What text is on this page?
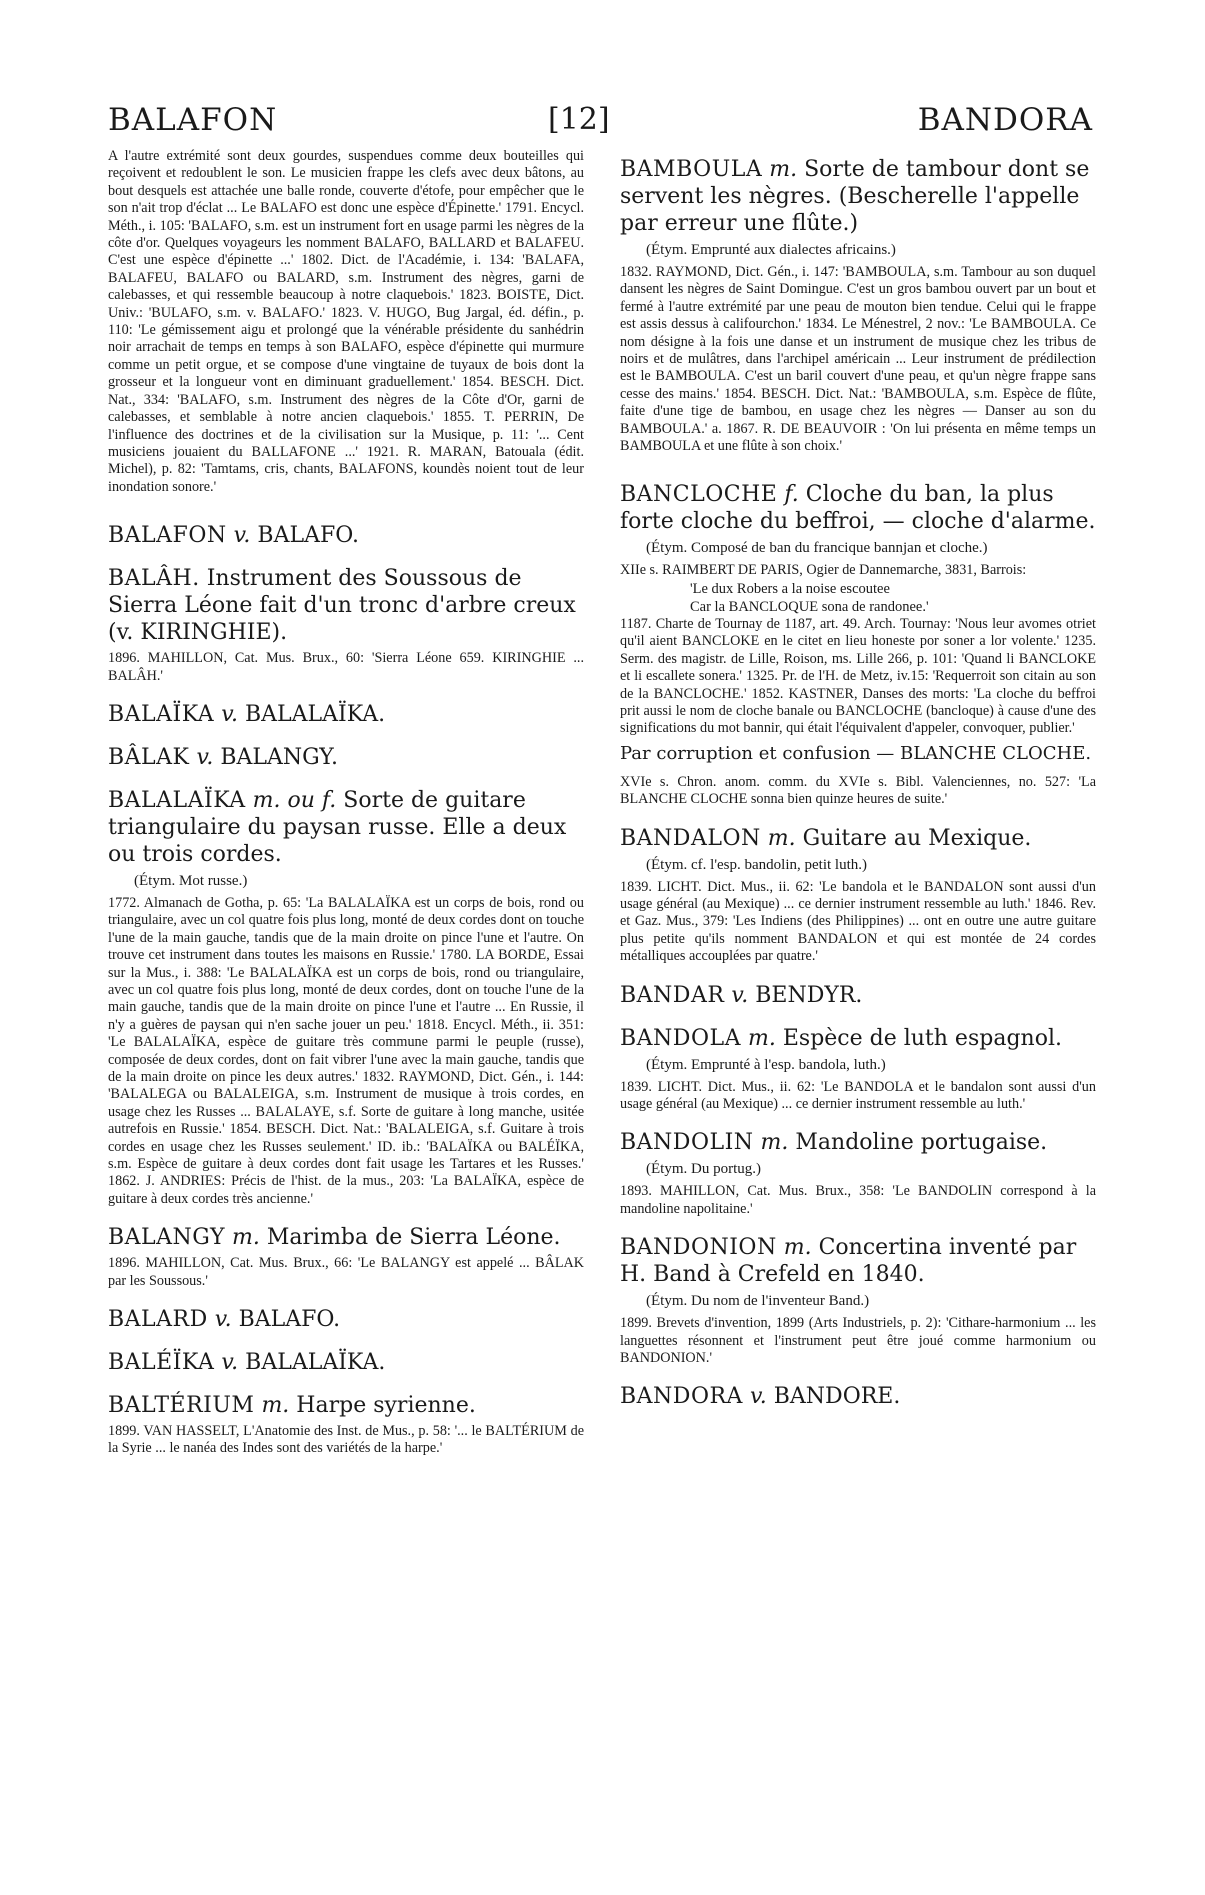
BALAFON	[12]	BANDORA

A l'autre extrémité sont deux gourdes, suspendues comme deux bouteilles qui reçoivent et redoublent le son. Le musicien frappe les clefs avec deux bâtons, au bout desquels est attachée une balle ronde, couverte d'étofe, pour empêcher que le son n'ait trop d'éclat ... Le BALAFO est donc une espèce d'Épinette.' 1791. Encycl. Méth., i. 105: 'BALAFO, s.m. est un instrument fort en usage parmi les nègres de la côte d'or. Quelques voyageurs les nomment BALAFO, BALLARD et BALAFEU. C'est une espèce d'épinette ...' 1802. Dict. de l'Académie, i. 134: 'BALAFA, BALAFEU, BALAFO ou BALARD, s.m. Instrument des nègres, garni de calebasses, et qui ressemble beaucoup à notre claquebois.' 1823. BOISTE, Dict. Univ.: 'BULAFO, s.m. v. BALAFO.' 1823. V. HUGO, Bug Jargal, éd. défin., p. 110: 'Le gémissement aigu et prolongé que la vénérable présidente du sanhédrin noir arrachait de temps en temps à son BALAFO, espèce d'épinette qui murmure comme un petit orgue, et se compose d'une vingtaine de tuyaux de bois dont la grosseur et la longueur vont en diminuant graduellement.' 1854. BESCH. Dict. Nat., 334: 'BALAFO, s.m. Instrument des nègres de la Côte d'Or, garni de calebasses, et semblable à notre ancien claquebois.' 1855. T. PERRIN, De l'influence des doctrines et de la civilisation sur la Musique, p. 11: '... Cent musiciens jouaient du BALLAFONE ...' 1921. R. MARAN, Batouala (édit. Michel), p. 82: 'Tamtams, cris, chants, BALAFONS, koundès noient tout de leur inondation sonore.'

BALAFON v. BALAFO.

BALÂH. Instrument des Soussous de Sierra Léone fait d'un tronc d'arbre creux (v. KIRINGHIE).

1896. MAHILLON, Cat. Mus. Brux., 60: 'Sierra Léone 659. KIRINGHIE ... BALÂH.'

BALAÏKA v. BALALAÏKA.

BÂLAK v. BALANGY.

BALALAÏKA m. ou f. Sorte de guitare triangulaire du paysan russe. Elle a deux ou trois cordes.

(Étym. Mot russe.)

1772. Almanach de Gotha, p. 65: 'La BALALAÏKA est un corps de bois, rond ou triangulaire, avec un col quatre fois plus long, monté de deux cordes dont on touche l'une de la main gauche, tandis que de la main droite on pince l'une et l'autre. On trouve cet instrument dans toutes les maisons en Russie.' 1780. LA BORDE, Essai sur la Mus., i. 388: 'Le BALALAÏKA est un corps de bois, rond ou triangulaire, avec un col quatre fois plus long, monté de deux cordes, dont on touche l'une de la main gauche, tandis que de la main droite on pince l'une et l'autre ... En Russie, il n'y a guères de paysan qui n'en sache jouer un peu.' 1818. Encycl. Méth., ii. 351: 'Le BALALAÏKA, espèce de guitare très commune parmi le peuple (russe), composée de deux cordes, dont on fait vibrer l'une avec la main gauche, tandis que de la main droite on pince les deux autres.' 1832. RAYMOND, Dict. Gén., i. 144: 'BALALEGA ou BALALEIGA, s.m. Instrument de musique à trois cordes, en usage chez les Russes ... BALALAYE, s.f. Sorte de guitare à long manche, usitée autrefois en Russie.' 1854. BESCH. Dict. Nat.: 'BALALEIGA, s.f. Guitare à trois cordes en usage chez les Russes seulement.' ID. ib.: 'BALAÏKA ou BALÉÏKA, s.m. Espèce de guitare à deux cordes dont fait usage les Tartares et les Russes.' 1862. J. ANDRIES: Précis de l'hist. de la mus., 203: 'La BALAÏKA, espèce de guitare à deux cordes très ancienne.'

BALANGY m. Marimba de Sierra Léone.

1896. MAHILLON, Cat. Mus. Brux., 66: 'Le BALANGY est appelé ... BÂLAK par les Soussous.'

BALARD v. BALAFO.

BALÉÏKA v. BALALAÏKA.

BALTÉRIUM m. Harpe syrienne.

1899. VAN HASSELT, L'Anatomie des Inst. de Mus., p. 58: '... le BALTÉRIUM de la Syrie ... le nanéa des Indes sont des variétés de la harpe.'

BAMBOULA m. Sorte de tambour dont se servent les nègres. (Bescherelle l'appelle par erreur une flûte.)

(Étym. Emprunté aux dialectes africains.)

1832. RAYMOND, Dict. Gén., i. 147: 'BAMBOULA, s.m. Tambour au son duquel dansent les nègres de Saint Domingue. C'est un gros bambou ouvert par un bout et fermé à l'autre extrémité par une peau de mouton bien tendue. Celui qui le frappe est assis dessus à califourchon.' 1834. Le Ménestrel, 2 nov.: 'Le BAMBOULA. Ce nom désigne à la fois une danse et un instrument de musique chez les tribus de noirs et de mulâtres, dans l'archipel américain ... Leur instrument de prédilection est le BAMBOULA. C'est un baril couvert d'une peau, et qu'un nègre frappe sans cesse des mains.' 1854. BESCH. Dict. Nat.: 'BAMBOULA, s.m. Espèce de flûte, faite d'une tige de bambou, en usage chez les nègres — Danser au son du BAMBOULA.' a. 1867. R. DE BEAUVOIR : 'On lui présenta en même temps un BAMBOULA et une flûte à son choix.'

BANCLOCHE f. Cloche du ban, la plus forte cloche du beffroi, — cloche d'alarme.

(Étym. Composé de ban du francique bannjan et cloche.)

XIIe s. RAIMBERT DE PARIS, Ogier de Dannemarche, 3831, Barrois:

'Le dux Robers a la noise escoutee

Car la BANCLOQUE sona de randonee.'

1187. Charte de Tournay de 1187, art. 49. Arch. Tournay: 'Nous leur avomes otriet qu'il aient BANCLOKE en le citet en lieu honeste por soner a lor volente.' 1235. Serm. des magistr. de Lille, Roison, ms. Lille 266, p. 101: 'Quand li BANCLOKE et li escallete sonera.' 1325. Pr. de l'H. de Metz, iv.15: 'Requerroit son citain au son de la BANCLOCHE.' 1852. KASTNER, Danses des morts: 'La cloche du beffroi prit aussi le nom de cloche banale ou BANCLOCHE (bancloque) à cause d'une des significations du mot bannir, qui était l'équivalent d'appeler, convoquer, publier.'

Par corruption et confusion — BLANCHE CLOCHE.

XVIe s. Chron. anom. comm. du XVIe s. Bibl. Valenciennes, no. 527: 'La BLANCHE CLOCHE sonna bien quinze heures de suite.'

BANDALON m. Guitare au Mexique.

(Étym. cf. l'esp. bandolin, petit luth.)

1839. LICHT. Dict. Mus., ii. 62: 'Le bandola et le BANDALON sont aussi d'un usage général (au Mexique) ... ce dernier instrument ressemble au luth.' 1846. Rev. et Gaz. Mus., 379: 'Les Indiens (des Philippines) ... ont en outre une autre guitare plus petite qu'ils nomment BANDALON et qui est montée de 24 cordes métalliques accouplées par quatre.'

BANDAR v. BENDYR.

BANDOLA m. Espèce de luth espagnol.

(Étym. Emprunté à l'esp. bandola, luth.)

1839. LICHT. Dict. Mus., ii. 62: 'Le BANDOLA et le bandalon sont aussi d'un usage général (au Mexique) ... ce dernier instrument ressemble au luth.'

BANDOLIN m. Mandoline portugaise.

(Étym. Du portug.)

1893. MAHILLON, Cat. Mus. Brux., 358: 'Le BANDOLIN correspond à la mandoline napolitaine.'

BANDONION m. Concertina inventé par H. Band à Crefeld en 1840.

(Étym. Du nom de l'inventeur Band.)

1899. Brevets d'invention, 1899 (Arts Industriels, p. 2): 'Cithare-harmonium ... les languettes résonnent et l'instrument peut être joué comme harmonium ou BANDONION.'

BANDORA v. BANDORE.
